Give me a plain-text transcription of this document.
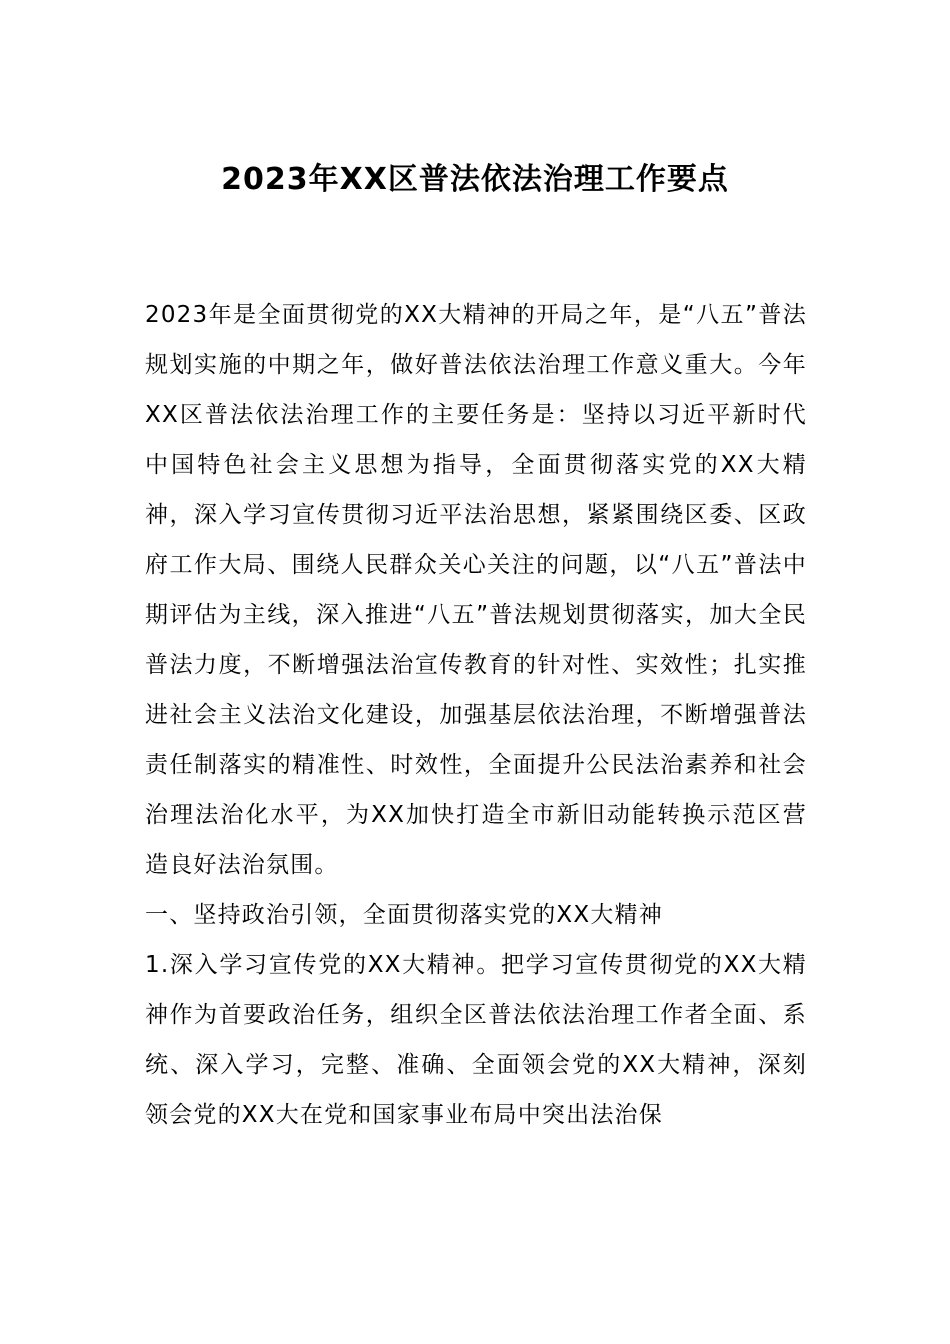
2023年XX区普法依法治理工作要点

2023年是全面贯彻党的XX大精神的开局之年，是“八五”普法规划实施的中期之年，做好普法依法治理工作意义重大。今年XX区普法依法治理工作的主要任务是：坚持以习近平新时代中国特色社会主义思想为指导，全面贯彻落实党的XX大精神，深入学习宣传贯彻习近平法治思想，紧紧围绕区委、区政府工作大局、围绕人民群众关心关注的问题，以“八五”普法中期评估为主线，深入推进“八五”普法规划贯彻落实，加大全民普法力度，不断增强法治宣传教育的针对性、实效性；扎实推进社会主义法治文化建设，加强基层依法治理，不断增强普法责任制落实的精准性、时效性，全面提升公民法治素养和社会治理法治化水平，为XX加快打造全市新旧动能转换示范区营造良好法治氛围。

一、坚持政治引领，全面贯彻落实党的XX大精神

1.深入学习宣传党的XX大精神。把学习宣传贯彻党的XX大精神作为首要政治任务，组织全区普法依法治理工作者全面、系统、深入学习，完整、准确、全面领会党的XX大精神，深刻领会党的XX大在党和国家事业布局中突出法治保
